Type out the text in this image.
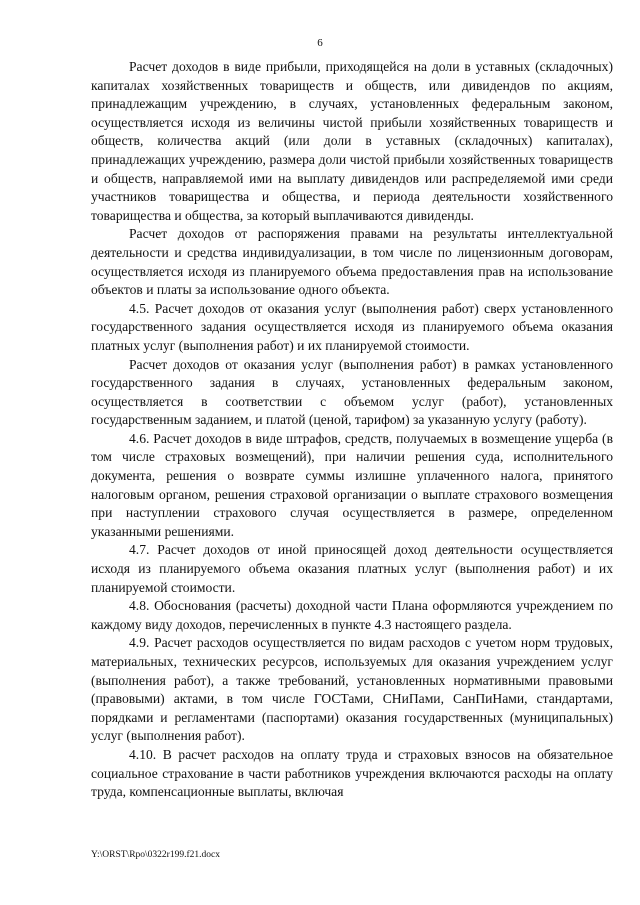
6

Расчет доходов в виде прибыли, приходящейся на доли в уставных (складочных) капиталах хозяйственных товариществ и обществ, или дивидендов по акциям, принадлежащим учреждению, в случаях, установленных федеральным законом, осуществляется исходя из величины чистой прибыли хозяйственных товариществ и обществ, количества акций (или доли в уставных (складочных) капиталах), принадлежащих учреждению, размера доли чистой прибыли хозяйственных товариществ и обществ, направляемой ими на выплату дивидендов или распределяемой ими среди участников товарищества и общества, и периода деятельности хозяйственного товарищества и общества, за который выплачиваются дивиденды.

Расчет доходов от распоряжения правами на результаты интеллектуальной деятельности и средства индивидуализации, в том числе по лицензионным договорам, осуществляется исходя из планируемого объема предоставления прав на использование объектов и платы за использование одного объекта.

4.5. Расчет доходов от оказания услуг (выполнения работ) сверх установленного государственного задания осуществляется исходя из планируемого объема оказания платных услуг (выполнения работ) и их планируемой стоимости.

Расчет доходов от оказания услуг (выполнения работ) в рамках установленного государственного задания в случаях, установленных федеральным законом, осуществляется в соответствии с объемом услуг (работ), установленных государственным заданием, и платой (ценой, тарифом) за указанную услугу (работу).

4.6. Расчет доходов в виде штрафов, средств, получаемых в возмещение ущерба (в том числе страховых возмещений), при наличии решения суда, исполнительного документа, решения о возврате суммы излишне уплаченного налога, принятого налоговым органом, решения страховой организации о выплате страхового возмещения при наступлении страхового случая осуществляется в размере, определенном указанными решениями.

4.7. Расчет доходов от иной приносящей доход деятельности осуществляется исходя из планируемого объема оказания платных услуг (выполнения работ) и их планируемой стоимости.

4.8. Обоснования (расчеты) доходной части Плана оформляются учреждением по каждому виду доходов, перечисленных в пункте 4.3 настоящего раздела.

4.9. Расчет расходов осуществляется по видам расходов с учетом норм трудовых, материальных, технических ресурсов, используемых для оказания учреждением услуг (выполнения работ), а также требований, установленных нормативными правовыми (правовыми) актами, в том числе ГОСТами, СНиПами, СанПиНами, стандартами, порядками и регламентами (паспортами) оказания государственных (муниципальных) услуг (выполнения работ).

4.10. В расчет расходов на оплату труда и страховых взносов на обязательное социальное страхование в части работников учреждения включаются расходы на оплату труда, компенсационные выплаты, включая

Y:\ORST\Rpo\0322r199.f21.docx
